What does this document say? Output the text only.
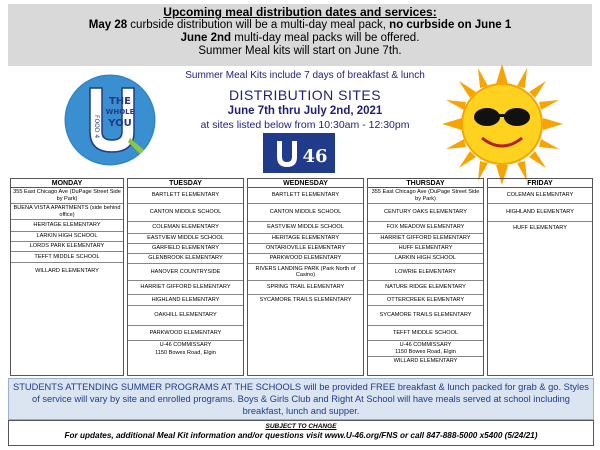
Upcoming meal distribution dates and services:
May 28 curbside distribution will be a multi-day meal pack, no curbside on June 1
June 2nd multi-day meal packs will be offered.
Summer Meal kits will start on June 7th.
FOOD 4
THE
WHOLE
YOU
Summer Meal Kits include 7 days of breakfast & lunch
DISTRIBUTION SITES
June 7th thru July 2nd, 2021
at sites listed below from 10:30am - 12:30pm
46
MONDAY
355 East Chicago Ave (DuPage Street Side by Park)
BUENA VISTA APARTMENTS (side behind office)
HERITAGE ELEMENTARY
LARKIN HIGH SCHOOL
LORDS PARK ELEMENTARY
TEFFT MIDDLE SCHOOL
WILLARD ELEMENTARY
TUESDAY
BARTLETT ELEMENTARY
CANTON MIDDLE SCHOOL
COLEMAN ELEMENTARY
EASTVIEW MIDDLE SCHOOL
GARFIELD ELEMENTARY
GLENBROOK ELEMENTARY
HANOVER COUNTRYSIDE
HARRIET GIFFORD ELEMENTARY
HIGHLAND ELEMENTARY
OAKHILL ELEMENTARY
PARKWOOD ELEMENTARY
U-46 COMMISSARY
1150 Bowes Road, Elgin
WEDNESDAY
BARTLETT ELEMENTARY
CANTON MIDDLE SCHOOL
EASTVIEW MIDDLE SCHOOL
HERITAGE ELEMENTARY
ONTARIOVILLE ELEMENTARY
PARKWOOD ELEMENTARY
RIVERS LANDING PARK (Park North of Casino)
SPRING TRAIL ELEMENTARY
SYCAMORE TRAILS ELEMENTARY
THURSDAY
355 East Chicago Ave (DuPage Street Side by Park)
CENTURY OAKS ELEMENTARY
FOX MEADOW ELEMENTARY
HARRIET GIFFORD ELEMENTARY
HUFF ELEMENTARY
LARKIN HIGH SCHOOL
LOWRIE ELEMENTARY
NATURE RIDGE ELEMENTARY
OTTERCREEK ELEMENTARY
SYCAMORE TRAILS ELEMENTARY
TEFFT MIDDLE SCHOOL
U-46 COMMISSARY
1150 Bowes Road, Elgin
WILLARD ELEMENTARY
FRIDAY
COLEMAN ELEMENTARY
HIGHLAND ELEMENTARY
HUFF ELEMENTARY
STUDENTS ATTENDING SUMMER PROGRAMS AT THE SCHOOLS will be provided FREE breakfast & lunch packed for grab & go. Styles of service will vary by site and enrolled programs. Boys & Girls Club and Right At School will have meals served at school including breakfast, lunch and supper.
SUBJECT TO CHANGE
For updates, additional Meal Kit information and/or questions visit www.U-46.org/FNS or call 847-888-5000 x5400 (5/24/21)
